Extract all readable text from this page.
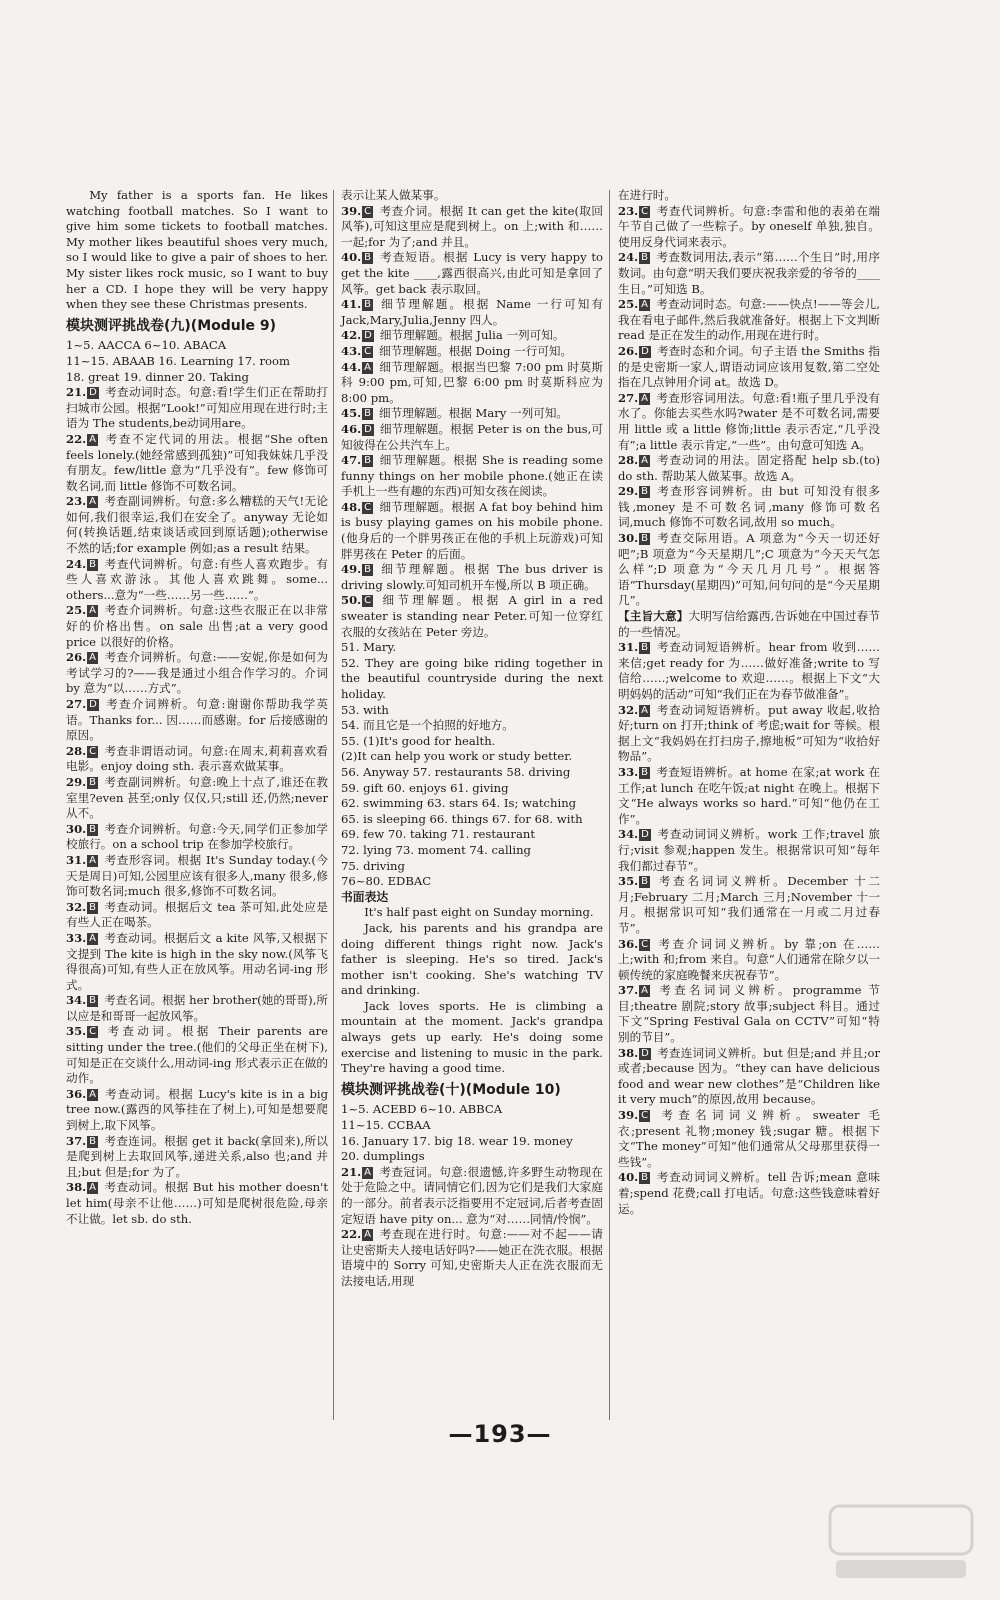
My father is a sports fan. He likes watching football matches. So I want to give him some tickets to football matches. My mother likes beautiful shoes very much, so I would like to give a pair of shoes to her. My sister likes rock music, so I want to buy her a CD. I hope they will be very happy when they see these Christmas presents.

模块测评挑战卷(九)(Module 9)

1~5. AACCA 6~10. ABACA

11~15. ABAAB 16. Learning 17. room

18. great 19. dinner 20. Taking

21. D 考查动词时态。句意:看!学生们正在帮助打扫城市公园。根据“Look!”可知应用现在进行时;主语为 The students,be动词用are。

22. A 考查不定代词的用法。根据“She often feels lonely.(她经常感到孤独)”可知我妹妹几乎没有朋友。few/little 意为“几乎没有”。few 修饰可数名词,而 little 修饰不可数名词。

23. A 考查副词辨析。句意:多么糟糕的天气!无论如何,我们很幸运,我们在安全了。anyway 无论如何(转换话题,结束谈话或回到原话题);otherwise 不然的话;for example 例如;as a result 结果。

24. B 考查代词辨析。句意:有些人喜欢跑步。有些人喜欢游泳。其他人喜欢跳舞。some... others...意为“一些……另一些……”。

25. A 考查介词辨析。句意:这些衣服正在以非常好的价格出售。on sale 出售;at a very good price 以很好的价格。

26. A 考查介词辨析。句意:——安妮,你是如何为考试学习的?——我是通过小组合作学习的。介词 by 意为“以……方式”。

27. D 考查介词辨析。句意:谢谢你帮助我学英语。Thanks for... 因……而感谢。for 后接感谢的原因。

28. C 考查非谓语动词。句意:在周末,莉莉喜欢看电影。enjoy doing sth. 表示喜欢做某事。

29. B 考查副词辨析。句意:晚上十点了,谁还在教室里?even 甚至;only 仅仅,只;still 还,仍然;never 从不。

30. B 考查介词辨析。句意:今天,同学们正参加学校旅行。on a school trip 在参加学校旅行。

31. A 考查形容词。根据 It's Sunday today.(今天是周日)可知,公园里应该有很多人,many 很多,修饰可数名词;much 很多,修饰不可数名词。

32. B 考查动词。根据后文 tea 茶可知,此处应是有些人正在喝茶。

33. A 考查动词。根据后文 a kite 风筝,又根据下文提到 The kite is high in the sky now.(风筝飞得很高)可知,有些人正在放风筝。用动名词-ing 形式。

34. B 考查名词。根据 her brother(她的哥哥),所以应是和哥哥一起放风筝。

35. C 考查动词。根据 Their parents are sitting under the tree.(他们的父母正坐在树下),可知是正在交谈什么,用动词-ing 形式表示正在做的动作。

36. A 考查动词。根据 Lucy's kite is in a big tree now.(露西的风筝挂在了树上),可知是想要爬到树上,取下风筝。

37. B 考查连词。根据 get it back(拿回来),所以是爬到树上去取回风筝,递进关系,also 也;and 并且;but 但是;for 为了。

38. A 考查动词。根据 But his mother doesn't let him(母亲不让他……)可知是爬树很危险,母亲不让做。let sb. do sth.

表示让某人做某事。

39. C 考查介词。根据 It can get the kite(取回风筝),可知这里应是爬到树上。on 上;with 和……一起;for 为了;and 并且。

40. B 考查短语。根据 Lucy is very happy to get the kite ____,露西很高兴,由此可知是拿回了风筝。get back 表示取回。

41. B 细节理解题。根据 Name 一行可知有 Jack,Mary,Julia,Jenny 四人。

42. D 细节理解题。根据 Julia 一列可知。

43. C 细节理解题。根据 Doing 一行可知。

44. A 细节理解题。根据当巴黎 7:00 pm 时莫斯科 9:00 pm,可知,巴黎 6:00 pm 时莫斯科应为 8:00 pm。

45. B 细节理解题。根据 Mary 一列可知。

46. D 细节理解题。根据 Peter is on the bus,可知彼得在公共汽车上。

47. B 细节理解题。根据 She is reading some funny things on her mobile phone.(她正在读手机上一些有趣的东西)可知女孩在阅读。

48. C 细节理解题。根据 A fat boy behind him is busy playing games on his mobile phone.(他身后的一个胖男孩正在他的手机上玩游戏)可知胖男孩在 Peter 的后面。

49. B 细节理解题。根据 The bus driver is driving slowly.可知司机开车慢,所以 B 项正确。

50. C 细节理解题。根据 A girl in a red sweater is standing near Peter.可知一位穿红衣服的女孩站在 Peter 旁边。

51. Mary.

52. They are going bike riding together in the beautiful countryside during the next holiday.

53. with

54. 而且它是一个拍照的好地方。

55. (1)It's good for health.

(2)It can help you work or study better.

56. Anyway 57. restaurants 58. driving

59. gift 60. enjoys 61. giving

62. swimming 63. stars 64. Is; watching

65. is sleeping 66. things 67. for 68. with

69. few 70. taking 71. restaurant

72. lying 73. moment 74. calling

75. driving

76~80. EDBAC

书面表达

It's half past eight on Sunday morning.

Jack, his parents and his grandpa are doing different things right now. Jack's father is sleeping. He's so tired. Jack's mother isn't cooking. She's watching TV and drinking.

Jack loves sports. He is climbing a mountain at the moment. Jack's grandpa always gets up early. He's doing some exercise and listening to music in the park. They're having a good time.

模块测评挑战卷(十)(Module 10)

1~5. ACEBD 6~10. ABBCA

11~15. CCBAA

16. January 17. big 18. wear 19. money

20. dumplings

21. A 考查冠词。句意:很遗憾,许多野生动物现在处于危险之中。请同情它们,因为它们是我们大家庭的一部分。前者表示泛指要用不定冠词,后者考查固定短语 have pity on... 意为“对……同情/怜悯”。

22. A 考查现在进行时。句意:——对不起——请让史密斯夫人接电话好吗?——她正在洗衣服。根据语境中的 Sorry 可知,史密斯夫人正在洗衣服而无法接电话,用现

在进行时。

23. C 考查代词辨析。句意:李雷和他的表弟在端午节自己做了一些粽子。by oneself 单独,独自。使用反身代词来表示。

24. B 考查数词用法,表示“第……个生日”时,用序数词。由句意“明天我们要庆祝我亲爱的爷爷的____生日。”可知选 B。

25. A 考查动词时态。句意:——快点!——等会儿,我在看电子邮件,然后我就准备好。根据上下文判断 read 是正在发生的动作,用现在进行时。

26. D 考查时态和介词。句子主语 the Smiths 指的是史密斯一家人,谓语动词应该用复数,第二空处指在几点钟用介词 at。故选 D。

27. A 考查形容词用法。句意:看!瓶子里几乎没有水了。你能去买些水吗?water 是不可数名词,需要用 little 或 a little 修饰;little 表示否定,“几乎没有”;a little 表示肯定,“一些”。由句意可知选 A。

28. A 考查动词的用法。固定搭配 help sb.(to) do sth. 帮助某人做某事。故选 A。

29. B 考查形容词辨析。由 but 可知没有很多钱,money 是不可数名词,many 修饰可数名词,much 修饰不可数名词,故用 so much。

30. B 考查交际用语。A 项意为“今天一切还好吧”;B 项意为“今天星期几”;C 项意为“今天天气怎么样”;D 项意为“今天几月几号”。根据答语“Thursday(星期四)”可知,问句问的是“今天星期几”。

【主旨大意】大明写信给露西,告诉她在中国过春节的一些情况。

31. B 考查动词短语辨析。hear from 收到……来信;get ready for 为……做好准备;write to 写信给……;welcome to 欢迎……。根据上下文“大明妈妈的活动”可知“我们正在为春节做准备”。

32. A 考查动词短语辨析。put away 收起,收拾好;turn on 打开;think of 考虑;wait for 等候。根据上文“我妈妈在打扫房子,擦地板”可知为“收拾好物品”。

33. B 考查短语辨析。at home 在家;at work 在工作;at lunch 在吃午饭;at night 在晚上。根据下文“He always works so hard.”可知“他仍在工作”。

34. D 考查动词词义辨析。work 工作;travel 旅行;visit 参观;happen 发生。根据常识可知“每年我们都过春节”。

35. B 考查名词词义辨析。December 十二月;February 二月;March 三月;November 十一月。根据常识可知“我们通常在一月或二月过春节”。

36. C 考查介词词义辨析。by 靠;on 在……上;with 和;from 来自。句意“人们通常在除夕以一顿传统的家庭晚餐来庆祝春节”。

37. A 考查名词词义辨析。programme 节目;theatre 剧院;story 故事;subject 科目。通过下文“Spring Festival Gala on CCTV”可知“特别的节目”。

38. D 考查连词词义辨析。but 但是;and 并且;or 或者;because 因为。“they can have delicious food and wear new clothes”是“Children like it very much”的原因,故用 because。

39. C 考查名词词义辨析。sweater 毛衣;present 礼物;money 钱;sugar 糖。根据下文“The money”可知“他们通常从父母那里获得一些钱”。

40. B 考查动词词义辨析。tell 告诉;mean 意味着;spend 花费;call 打电话。句意:这些钱意味着好运。

—193—
